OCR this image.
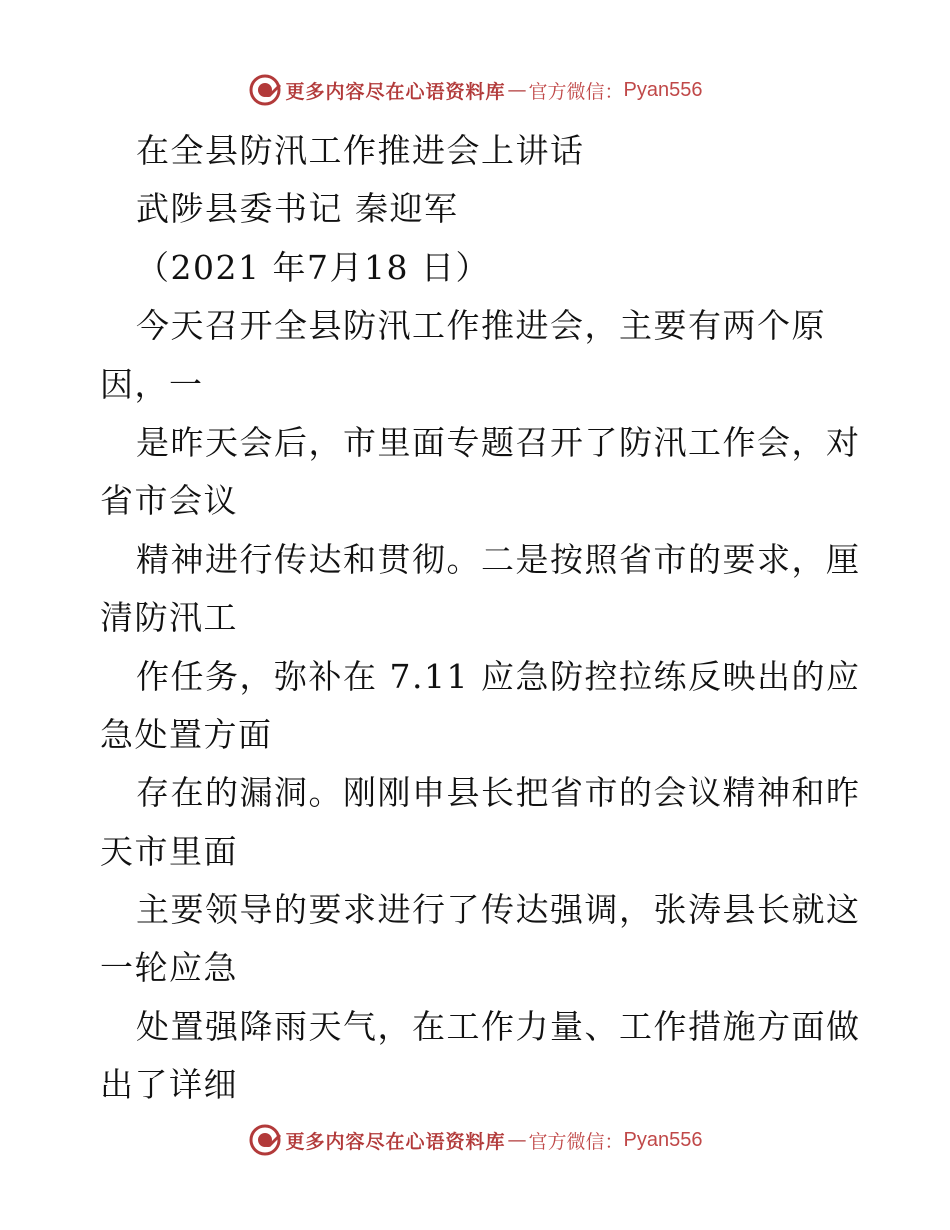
更多内容尽在心语资料库 — 官方微信： Pyan556
在全县防汛工作推进会上讲话
武陟县委书记 秦迎军
（2021 年7月18 日）
今天召开全县防汛工作推进会，主要有两个原
因，一
是昨天会后，市里面专题召开了防汛工作会，对
省市会议
精神进行传达和贯彻。二是按照省市的要求，厘
清防汛工
作任务，弥补在 7.11 应急防控拉练反映出的应
急处置方面
存在的漏洞。刚刚申县长把省市的会议精神和昨
天市里面
主要领导的要求进行了传达强调，张涛县长就这
一轮应急
处置强降雨天气，在工作力量、工作措施方面做
出了详细
更多内容尽在心语资料库 — 官方微信： Pyan556
